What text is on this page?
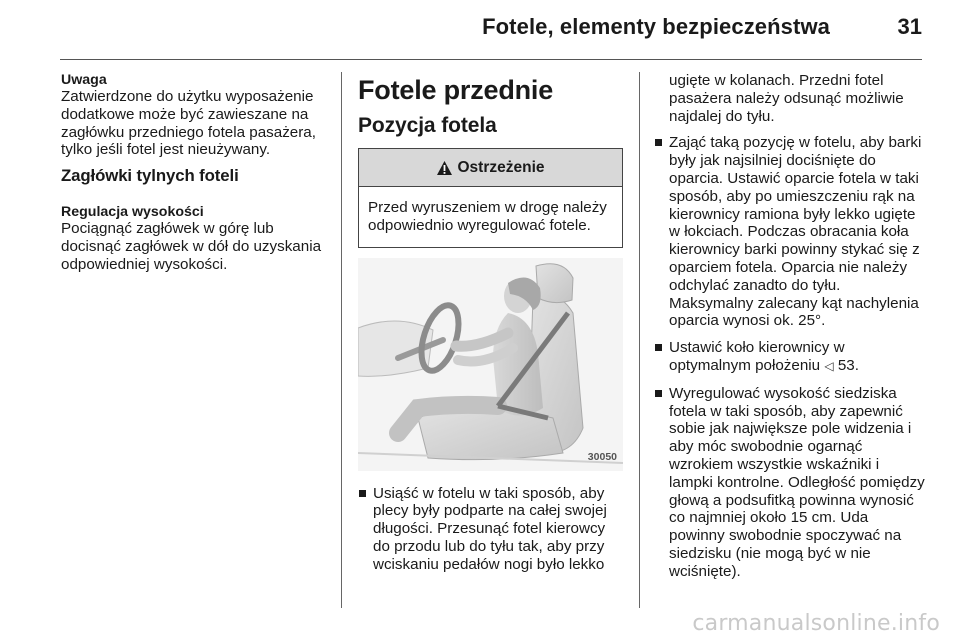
Fotele, elementy bezpieczeństwa	31
Uwaga
Zatwierdzone do użytku wyposażenie dodatkowe może być zawieszane na zagłówku przedniego fotela pasażera, tylko jeśli fotel jest nieużywany.
Zagłówki tylnych foteli
Regulacja wysokości
Pociągnąć zagłówek w górę lub docisnąć zagłówek w dół do uzyskania odpowiedniej wysokości.
Fotele przednie
Pozycja fotela
Ostrzeżenie
Przed wyruszeniem w drogę należy odpowiednio wyregulować fotele.
30050
Usiąść w fotelu w taki sposób, aby plecy były podparte na całej swojej długości. Przesunąć fotel kierowcy do przodu lub do tyłu tak, aby przy wciskaniu pedałów nogi było lekko
ugięte w kolanach. Przedni fotel pasażera należy odsunąć możliwie najdalej do tyłu.
Zająć taką pozycję w fotelu, aby barki były jak najsilniej dociśnięte do oparcia. Ustawić oparcie fotela w taki sposób, aby po umieszczeniu rąk na kierownicy ramiona były lekko ugięte w łokciach. Podczas obracania koła kierownicy barki powinny stykać się z oparciem fotela. Oparcia nie należy odchylać zanadto do tyłu. Maksymalny zalecany kąt nachylenia oparcia wynosi ok. 25°.
Ustawić koło kierownicy w optymalnym położeniu ◁ 53.
Wyregulować wysokość siedziska fotela w taki sposób, aby zapewnić sobie jak największe pole widzenia i aby móc swobodnie ogarnąć wzrokiem wszystkie wskaźniki i lampki kontrolne. Odległość pomiędzy głową a podsufitką powinna wynosić co najmniej około 15 cm. Uda powinny swobodnie spoczywać na siedzisku (nie mogą być w nie wciśnięte).
carmanualsonline.info
